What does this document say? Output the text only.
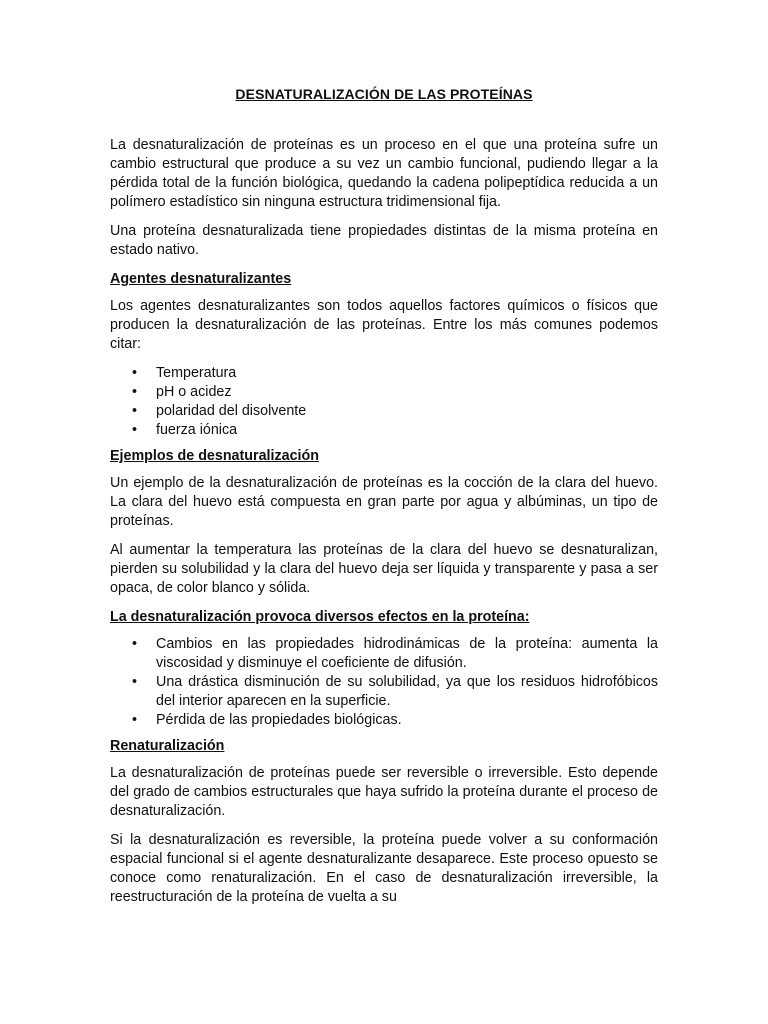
DESNATURALIZACIÓN DE LAS PROTEÍNAS

La desnaturalización de proteínas es un proceso en el que una proteína sufre un cambio estructural que produce a su vez un cambio funcional, pudiendo llegar a la pérdida total de la función biológica, quedando la cadena polipeptídica reducida a un polímero estadístico sin ninguna estructura tridimensional fija.

Una proteína desnaturalizada tiene propiedades distintas de la misma proteína en estado nativo.

Agentes desnaturalizantes

Los agentes desnaturalizantes son todos aquellos factores químicos o físicos que producen la desnaturalización de las proteínas. Entre los más comunes podemos citar:

• Temperatura
• pH o acidez
• polaridad del disolvente
• fuerza iónica
Ejemplos de desnaturalización

Un ejemplo de la desnaturalización de proteínas es la cocción de la clara del huevo. La clara del huevo está compuesta en gran parte por agua y albúminas, un tipo de proteínas.

Al aumentar la temperatura las proteínas de la clara del huevo se desnaturalizan, pierden su solubilidad y la clara del huevo deja ser líquida y transparente y pasa a ser opaca, de color blanco y sólida.

La desnaturalización provoca diversos efectos en la proteína:
• Cambios en las propiedades hidrodinámicas de la proteína: aumenta la viscosidad y disminuye el coeficiente de difusión.
• Una drástica disminución de su solubilidad, ya que los residuos hidrofóbicos del interior aparecen en la superficie.
• Pérdida de las propiedades biológicas.
Renaturalización

La desnaturalización de proteínas puede ser reversible o irreversible. Esto depende del grado de cambios estructurales que haya sufrido la proteína durante el proceso de desnaturalización.

Si la desnaturalización es reversible, la proteína puede volver a su conformación espacial funcional si el agente desnaturalizante desaparece. Este proceso opuesto se conoce como renaturalización. En el caso de desnaturalización irreversible, la reestructuración de la proteína de vuelta a su
